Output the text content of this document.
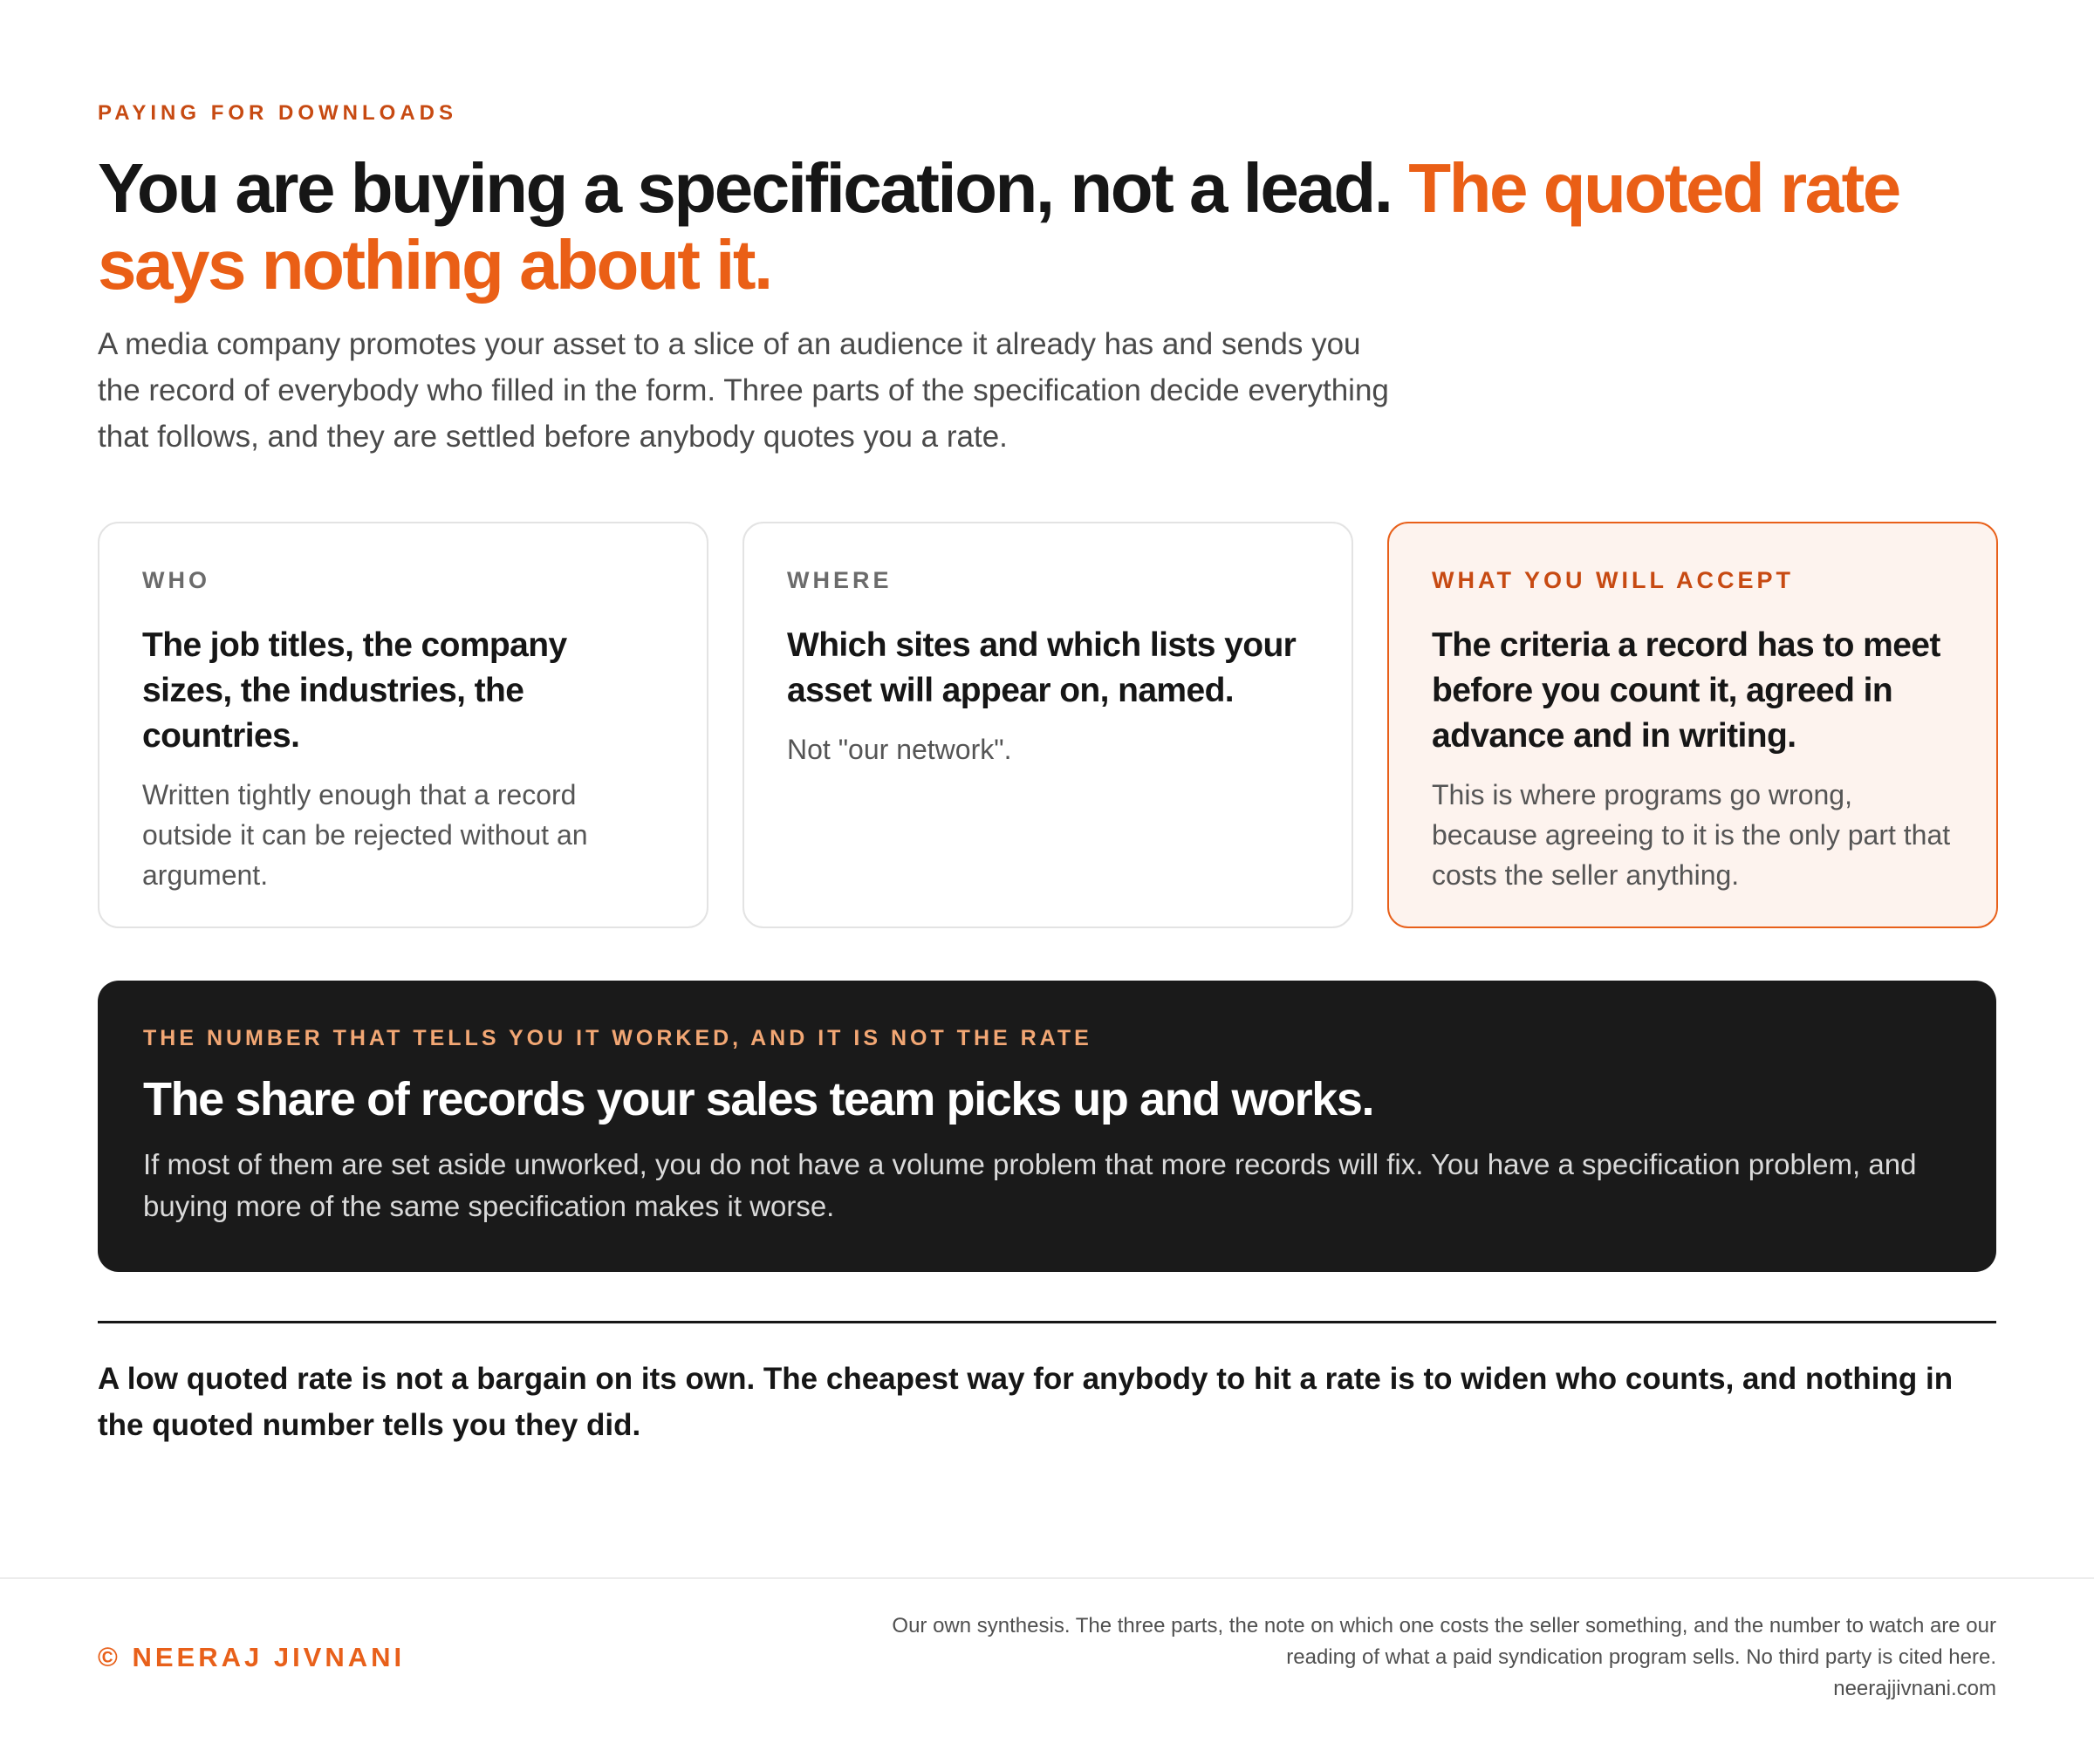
PAYING FOR DOWNLOADS
You are buying a specification, not a lead. The quoted rate says nothing about it.

A media company promotes your asset to a slice of an audience it already has and sends you the record of everybody who filled in the form. Three parts of the specification decide everything that follows, and they are settled before anybody quotes you a rate.

WHO
The job titles, the company sizes, the industries, the countries.
Written tightly enough that a record outside it can be rejected without an argument.
WHERE
Which sites and which lists your asset will appear on, named.
Not "our network".
WHAT YOU WILL ACCEPT
The criteria a record has to meet before you count it, agreed in advance and in writing.
This is where programs go wrong, because agreeing to it is the only part that costs the seller anything.
THE NUMBER THAT TELLS YOU IT WORKED, AND IT IS NOT THE RATE
The share of records your sales team picks up and works.
If most of them are set aside unworked, you do not have a volume problem that more records will fix. You have a specification problem, and buying more of the same specification makes it worse.

A low quoted rate is not a bargain on its own. The cheapest way for anybody to hit a rate is to widen who counts, and nothing in the quoted number tells you they did.

© NEERAJ JIVNANI
Our own synthesis. The three parts, the note on which one costs the seller something, and the number to watch are our
reading of what a paid syndication program sells. No third party is cited here.
neerajjivnani.com
